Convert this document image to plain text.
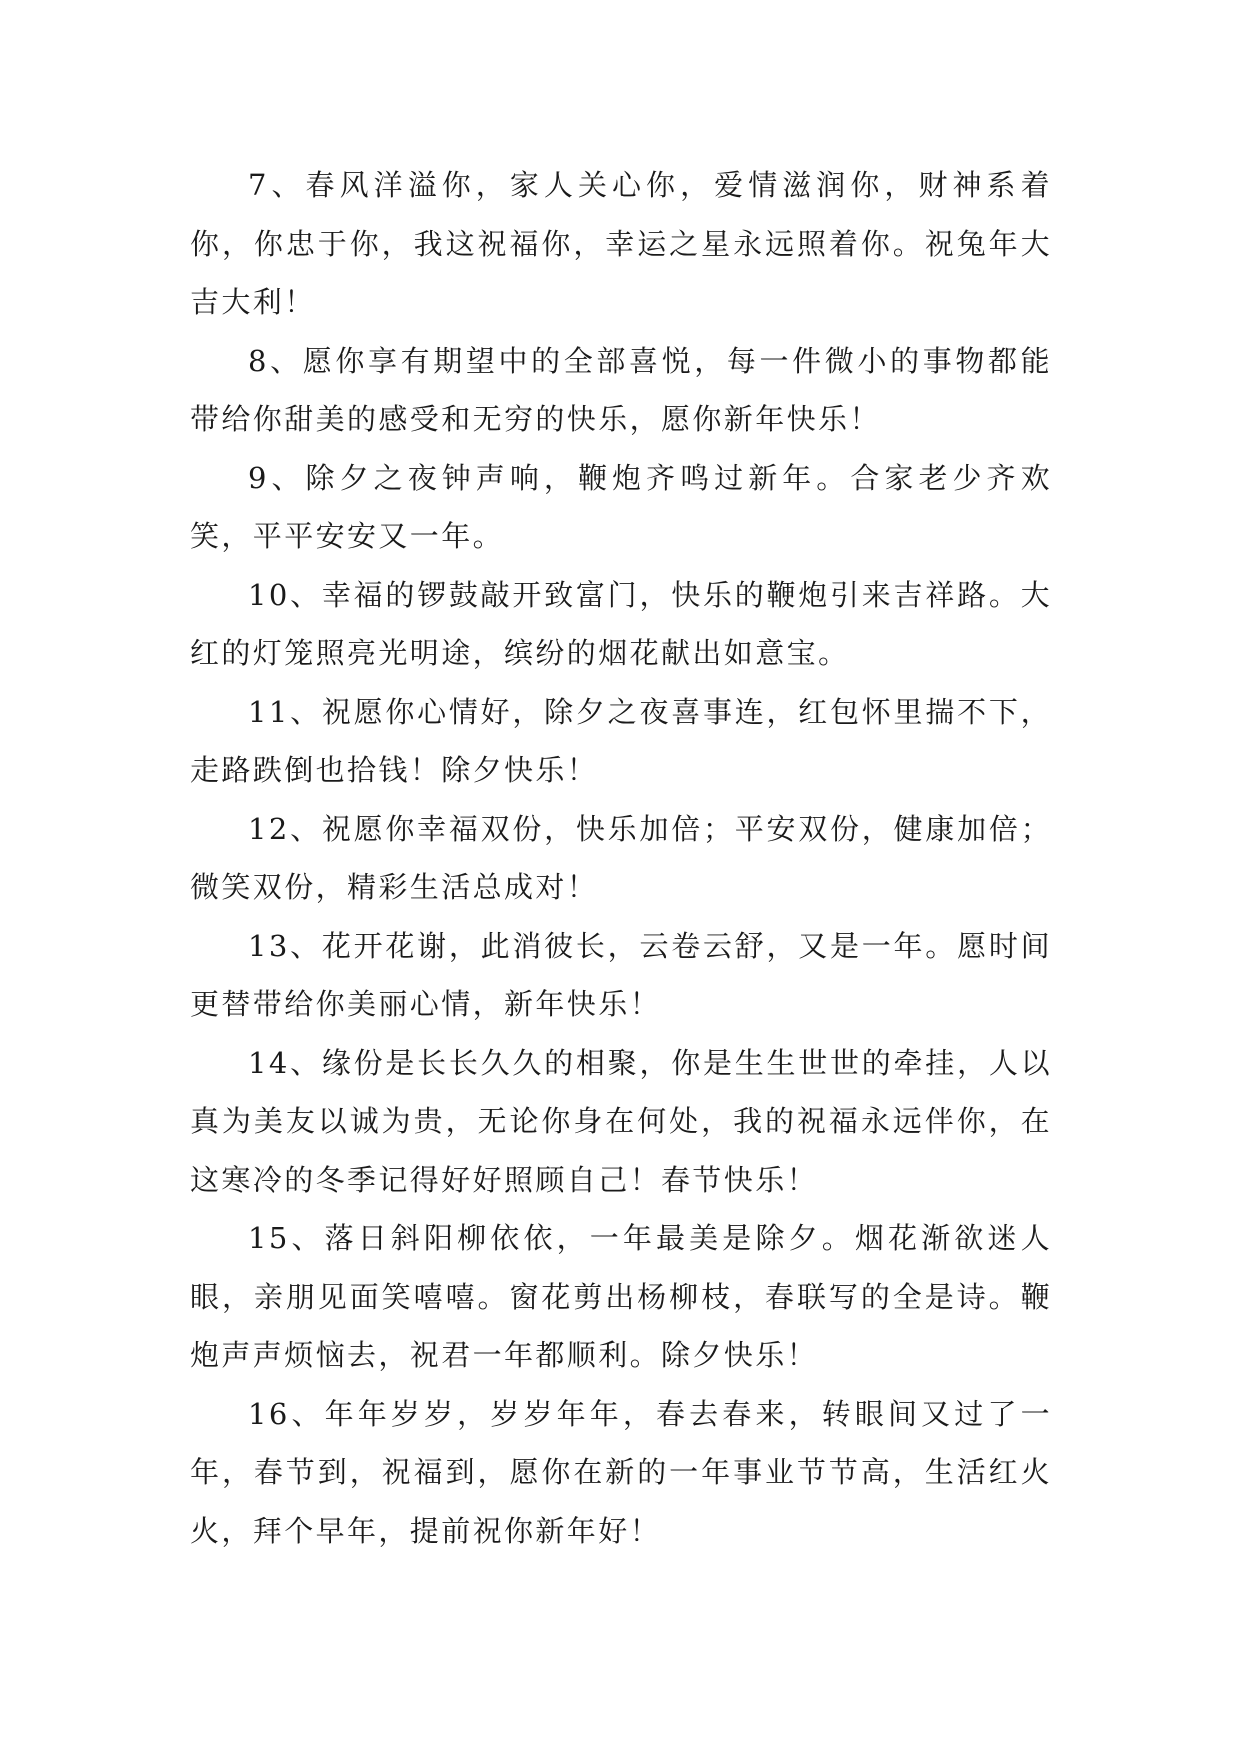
7、春风洋溢你，家人关心你，爱情滋润你，财神系着你，你忠于你，我这祝福你，幸运之星永远照着你。祝兔年大吉大利！

8、愿你享有期望中的全部喜悦，每一件微小的事物都能带给你甜美的感受和无穷的快乐，愿你新年快乐！

9、除夕之夜钟声响，鞭炮齐鸣过新年。合家老少齐欢笑，平平安安又一年。

10、幸福的锣鼓敲开致富门，快乐的鞭炮引来吉祥路。大红的灯笼照亮光明途，缤纷的烟花献出如意宝。

11、祝愿你心情好，除夕之夜喜事连，红包怀里揣不下，走路跌倒也拾钱！除夕快乐！

12、祝愿你幸福双份，快乐加倍；平安双份，健康加倍；微笑双份，精彩生活总成对！

13、花开花谢，此消彼长，云卷云舒，又是一年。愿时间更替带给你美丽心情，新年快乐！

14、缘份是长长久久的相聚，你是生生世世的牵挂，人以真为美友以诚为贵，无论你身在何处，我的祝福永远伴你，在这寒冷的冬季记得好好照顾自己！春节快乐！

15、落日斜阳柳依依，一年最美是除夕。烟花渐欲迷人眼，亲朋见面笑嘻嘻。窗花剪出杨柳枝，春联写的全是诗。鞭炮声声烦恼去，祝君一年都顺利。除夕快乐！

16、年年岁岁，岁岁年年，春去春来，转眼间又过了一年，春节到，祝福到，愿你在新的一年事业节节高，生活红火火，拜个早年，提前祝你新年好！
